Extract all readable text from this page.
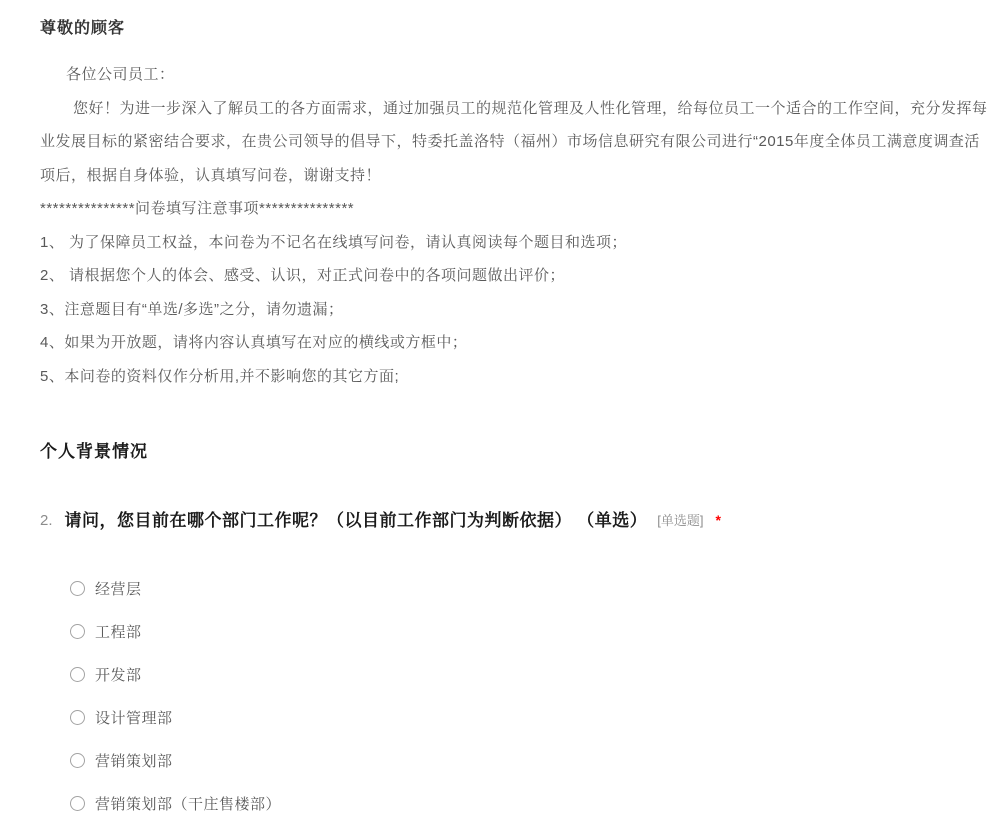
尊敬的顾客
各位公司员工：
您好！为进一步深入了解员工的各方面需求，通过加强员工的规范化管理及人性化管理，给每位员工一个适合的工作空间，充分发挥每
业发展目标的紧密结合要求，在贵公司领导的倡导下，特委托盖洛特（福州）市场信息研究有限公司进行“2015年度全体员工满意度调查活
项后，根据自身体验，认真填写问卷，谢谢支持！
***************问卷填写注意事项***************
1、 为了保障员工权益，本问卷为不记名在线填写问卷，请认真阅读每个题目和选项；
2、 请根据您个人的体会、感受、认识，对正式问卷中的各项问题做出评价；
3、注意题目有“单选/多选”之分，请勿遗漏；
4、如果为开放题，请将内容认真填写在对应的横线或方框中；
5、本问卷的资料仅作分析用,并不影响您的其它方面;
个人背景情况
2. 请问，您目前在哪个部门工作呢？（以目前工作部门为判断依据） （单选） [单选题] *
经营层
工程部
开发部
设计管理部
营销策划部
营销策划部（干庄售楼部）
